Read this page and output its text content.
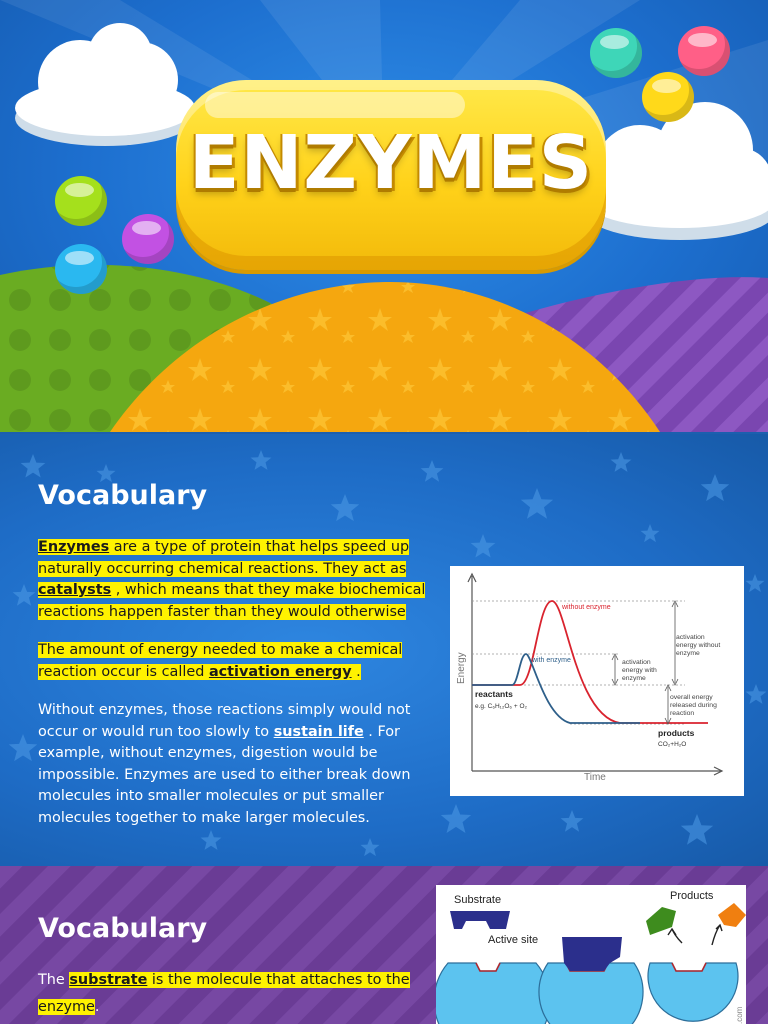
ENZYMES
Vocabulary
Enzymes are a type of protein that helps speed up naturally occurring chemical reactions. They act as catalysts , which means that they make biochemical reactions happen faster than they would otherwise
The amount of energy needed to make a chemical reaction occur is called activation energy .
Without enzymes, those reactions simply would not occur or would run too slowly to sustain life . For example, without enzymes, digestion would be impossible. Enzymes are used to either break down molecules into smaller molecules or put smaller molecules together to make larger molecules.
Energy
Time
without enzyme
with enzyme
reactants
e.g. C₆H₁₂O₆ + O₂
products
CO₂+H₂O
activation energy with enzyme
activation energy without enzyme
overall energy released during reaction
Vocabulary
The substrate is the molecule that attaches to the enzyme.
Substrate	Products
Active site
.com
